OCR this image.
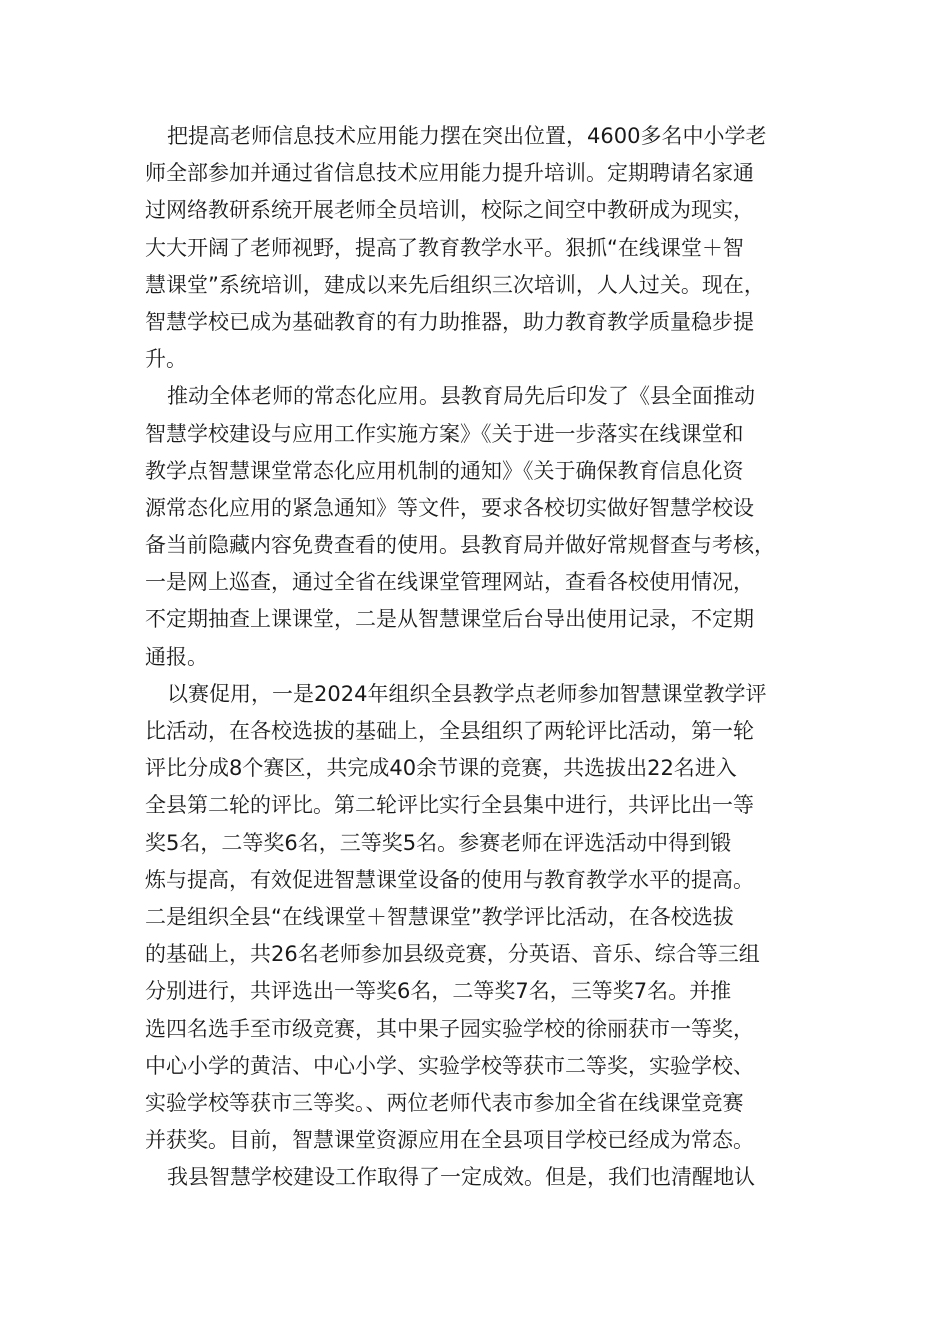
把提高老师信息技术应用能力摆在突出位置，4600多名中小学老
师全部参加并通过省信息技术应用能力提升培训。定期聘请名家通
过网络教研系统开展老师全员培训，校际之间空中教研成为现实，
大大开阔了老师视野，提高了教育教学水平。狠抓“在线课堂＋智
慧课堂”系统培训，建成以来先后组织三次培训，人人过关。现在，
智慧学校已成为基础教育的有力助推器，助力教育教学质量稳步提
升。
推动全体老师的常态化应用。县教育局先后印发了《县全面推动
智慧学校建设与应用工作实施方案》《关于进一步落实在线课堂和
教学点智慧课堂常态化应用机制的通知》《关于确保教育信息化资
源常态化应用的紧急通知》等文件，要求各校切实做好智慧学校设
备当前隐藏内容免费查看的使用。县教育局并做好常规督查与考核，
一是网上巡查，通过全省在线课堂管理网站，查看各校使用情况，
不定期抽查上课课堂，二是从智慧课堂后台导出使用记录，不定期
通报。
以赛促用，一是2024年组织全县教学点老师参加智慧课堂教学评
比活动，在各校选拔的基础上，全县组织了两轮评比活动，第一轮
评比分成8个赛区，共完成40余节课的竞赛，共选拔出22名进入
全县第二轮的评比。第二轮评比实行全县集中进行，共评比出一等
奖5名，二等奖6名，三等奖5名。参赛老师在评选活动中得到锻
炼与提高，有效促进智慧课堂设备的使用与教育教学水平的提高。
二是组织全县“在线课堂＋智慧课堂”教学评比活动，在各校选拔
的基础上，共26名老师参加县级竞赛，分英语、音乐、综合等三组
分别进行，共评选出一等奖6名，二等奖7名，三等奖7名。并推
选四名选手至市级竞赛，其中果子园实验学校的徐丽获市一等奖，
中心小学的黄洁、中心小学、实验学校等获市二等奖，实验学校、
实验学校等获市三等奖。、两位老师代表市参加全省在线课堂竞赛
并获奖。目前，智慧课堂资源应用在全县项目学校已经成为常态。
我县智慧学校建设工作取得了一定成效。但是，我们也清醒地认
